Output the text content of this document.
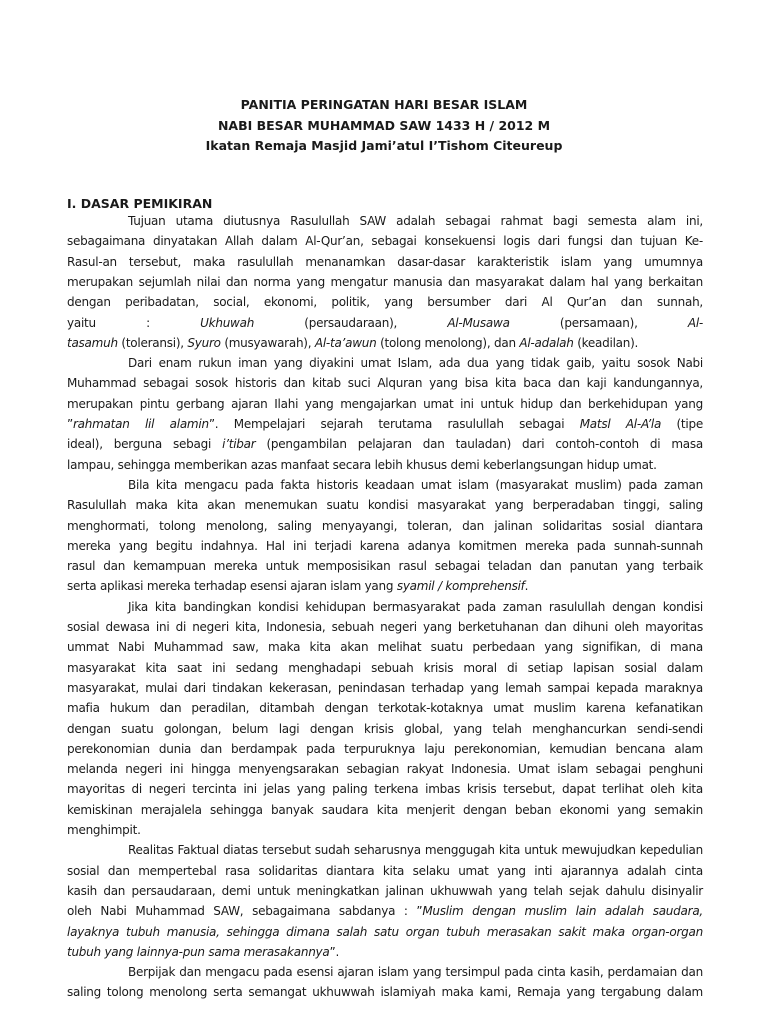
PANITIA PERINGATAN HARI BESAR ISLAM
NABI BESAR MUHAMMAD SAW 1433 H / 2012 M
Ikatan Remaja Masjid Jami’atul I’Tishom Citeureup
I. DASAR PEMIKIRAN
Tujuan utama diutusnya Rasulullah SAW adalah sebagai rahmat bagi semesta alam ini,
sebagaimana dinyatakan Allah dalam Al-Qur’an, sebagai konsekuensi logis dari fungsi dan tujuan Ke-
Rasul-an tersebut, maka rasulullah menanamkan dasar-dasar karakteristik islam yang umumnya
merupakan sejumlah nilai dan norma yang mengatur manusia dan masyarakat dalam hal yang berkaitan
dengan peribadatan, social, ekonomi, politik, yang bersumber dari Al Qur’an dan sunnah,
yaitu : Ukhuwah (persaudaraan), Al-Musawa (persamaan), Al-
tasamuh (toleransi), Syuro (musyawarah), Al-ta’awun (tolong menolong), dan Al-adalah (keadilan).
Dari enam rukun iman yang diyakini umat Islam, ada dua yang tidak gaib, yaitu sosok Nabi
Muhammad sebagai sosok historis dan kitab suci Alquran yang bisa kita baca dan kaji kandungannya,
merupakan pintu gerbang ajaran Ilahi yang mengajarkan umat ini untuk hidup dan berkehidupan yang
”rahmatan lil alamin”. Mempelajari sejarah terutama rasulullah sebagai Matsl Al-A’la (tipe
ideal), berguna sebagi i’tibar (pengambilan pelajaran dan tauladan) dari contoh-contoh di masa
lampau, sehingga memberikan azas manfaat secara lebih khusus demi keberlangsungan hidup umat.
Bila kita mengacu pada fakta historis keadaan umat islam (masyarakat muslim) pada zaman
Rasulullah maka kita akan menemukan suatu kondisi masyarakat yang berperadaban tinggi, saling
menghormati, tolong menolong, saling menyayangi, toleran, dan jalinan solidaritas sosial diantara
mereka yang begitu indahnya. Hal ini terjadi karena adanya komitmen mereka pada sunnah-sunnah
rasul dan kemampuan mereka untuk memposisikan rasul sebagai teladan dan panutan yang terbaik
serta aplikasi mereka terhadap esensi ajaran islam yang syamil / komprehensif.
Jika kita bandingkan kondisi kehidupan bermasyarakat pada zaman rasulullah dengan kondisi
sosial dewasa ini di negeri kita, Indonesia, sebuah negeri yang berketuhanan dan dihuni oleh mayoritas
ummat Nabi Muhammad saw, maka kita akan melihat suatu perbedaan yang signifikan, di mana
masyarakat kita saat ini sedang menghadapi sebuah krisis moral di setiap lapisan sosial dalam
masyarakat, mulai dari tindakan kekerasan, penindasan terhadap yang lemah sampai kepada maraknya
mafia hukum dan peradilan, ditambah dengan terkotak-kotaknya umat muslim karena kefanatikan
dengan suatu golongan, belum lagi dengan krisis global, yang telah menghancurkan sendi-sendi
perekonomian dunia dan berdampak pada terpuruknya laju perekonomian, kemudian bencana alam
melanda negeri ini hingga menyengsarakan sebagian rakyat Indonesia. Umat islam sebagai penghuni
mayoritas di negeri tercinta ini jelas yang paling terkena imbas krisis tersebut, dapat terlihat oleh kita
kemiskinan merajalela sehingga banyak saudara kita menjerit dengan beban ekonomi yang semakin
menghimpit.
Realitas Faktual diatas tersebut sudah seharusnya menggugah kita untuk mewujudkan kepedulian
sosial dan mempertebal rasa solidaritas diantara kita selaku umat yang inti ajarannya adalah cinta
kasih dan persaudaraan, demi untuk meningkatkan jalinan ukhuwwah yang telah sejak dahulu disinyalir
oleh Nabi Muhammad SAW, sebagaimana sabdanya : ”Muslim dengan muslim lain adalah saudara,
layaknya tubuh manusia, sehingga dimana salah satu organ tubuh merasakan sakit maka organ-organ
tubuh yang lainnya-pun sama merasakannya”.
Berpijak dan mengacu pada esensi ajaran islam yang tersimpul pada cinta kasih, perdamaian dan
saling tolong menolong serta semangat ukhuwwah islamiyah maka kami, Remaja yang tergabung dalam
